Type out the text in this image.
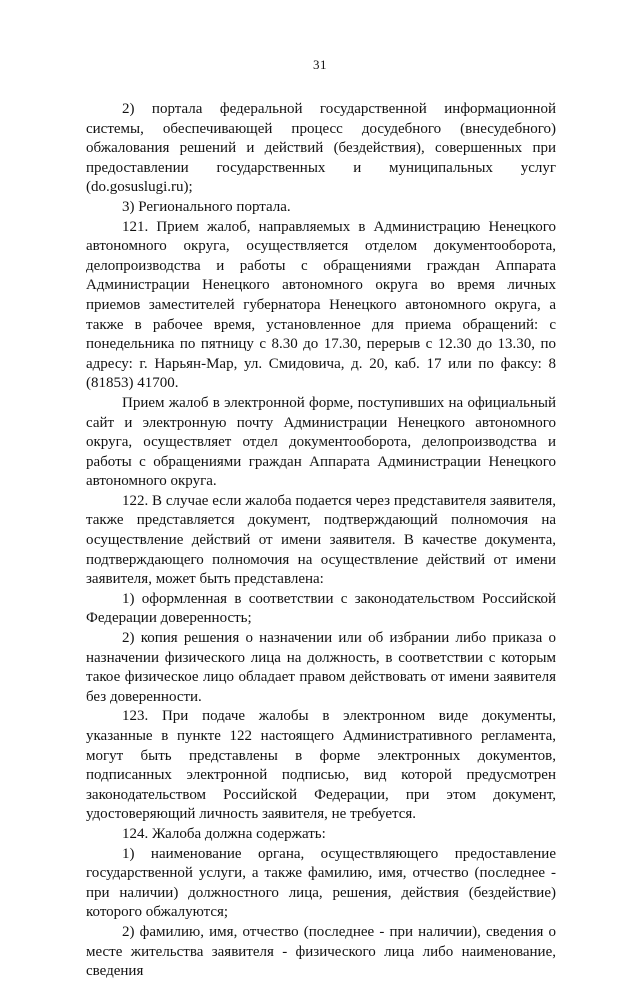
31

2) портала федеральной государственной информационной системы, обеспечивающей процесс досудебного (внесудебного) обжалования решений и действий (бездействия), совершенных при предоставлении государственных и муниципальных услуг (do.gosuslugi.ru);

3) Регионального портала.

121. Прием жалоб, направляемых в Администрацию Ненецкого автономного округа, осуществляется отделом документооборота, делопроизводства и работы с обращениями граждан Аппарата Администрации Ненецкого автономного округа во время личных приемов заместителей губернатора Ненецкого автономного округа, а также в рабочее время, установленное для приема обращений: с понедельника по пятницу с 8.30 до 17.30, перерыв с 12.30 до 13.30, по адресу: г. Нарьян-Мар, ул. Смидовича, д. 20, каб. 17 или по факсу: 8 (81853) 41700.

Прием жалоб в электронной форме, поступивших на официальный сайт и электронную почту Администрации Ненецкого автономного округа, осуществляет отдел документооборота, делопроизводства и работы с обращениями граждан Аппарата Администрации Ненецкого автономного округа.

122. В случае если жалоба подается через представителя заявителя, также представляется документ, подтверждающий полномочия на осуществление действий от имени заявителя. В качестве документа, подтверждающего полномочия на осуществление действий от имени заявителя, может быть представлена:

1) оформленная в соответствии с законодательством Российской Федерации доверенность;

2) копия решения о назначении или об избрании либо приказа о назначении физического лица на должность, в соответствии с которым такое физическое лицо обладает правом действовать от имени заявителя без доверенности.

123. При подаче жалобы в электронном виде документы, указанные в пункте 122 настоящего Административного регламента, могут быть представлены в форме электронных документов, подписанных электронной подписью, вид которой предусмотрен законодательством Российской Федерации, при этом документ, удостоверяющий личность заявителя, не требуется.

124. Жалоба должна содержать:

1) наименование органа, осуществляющего предоставление государственной услуги, а также фамилию, имя, отчество (последнее - при наличии) должностного лица, решения, действия (бездействие) которого обжалуются;

2) фамилию, имя, отчество (последнее - при наличии), сведения о месте жительства заявителя - физического лица либо наименование, сведения
